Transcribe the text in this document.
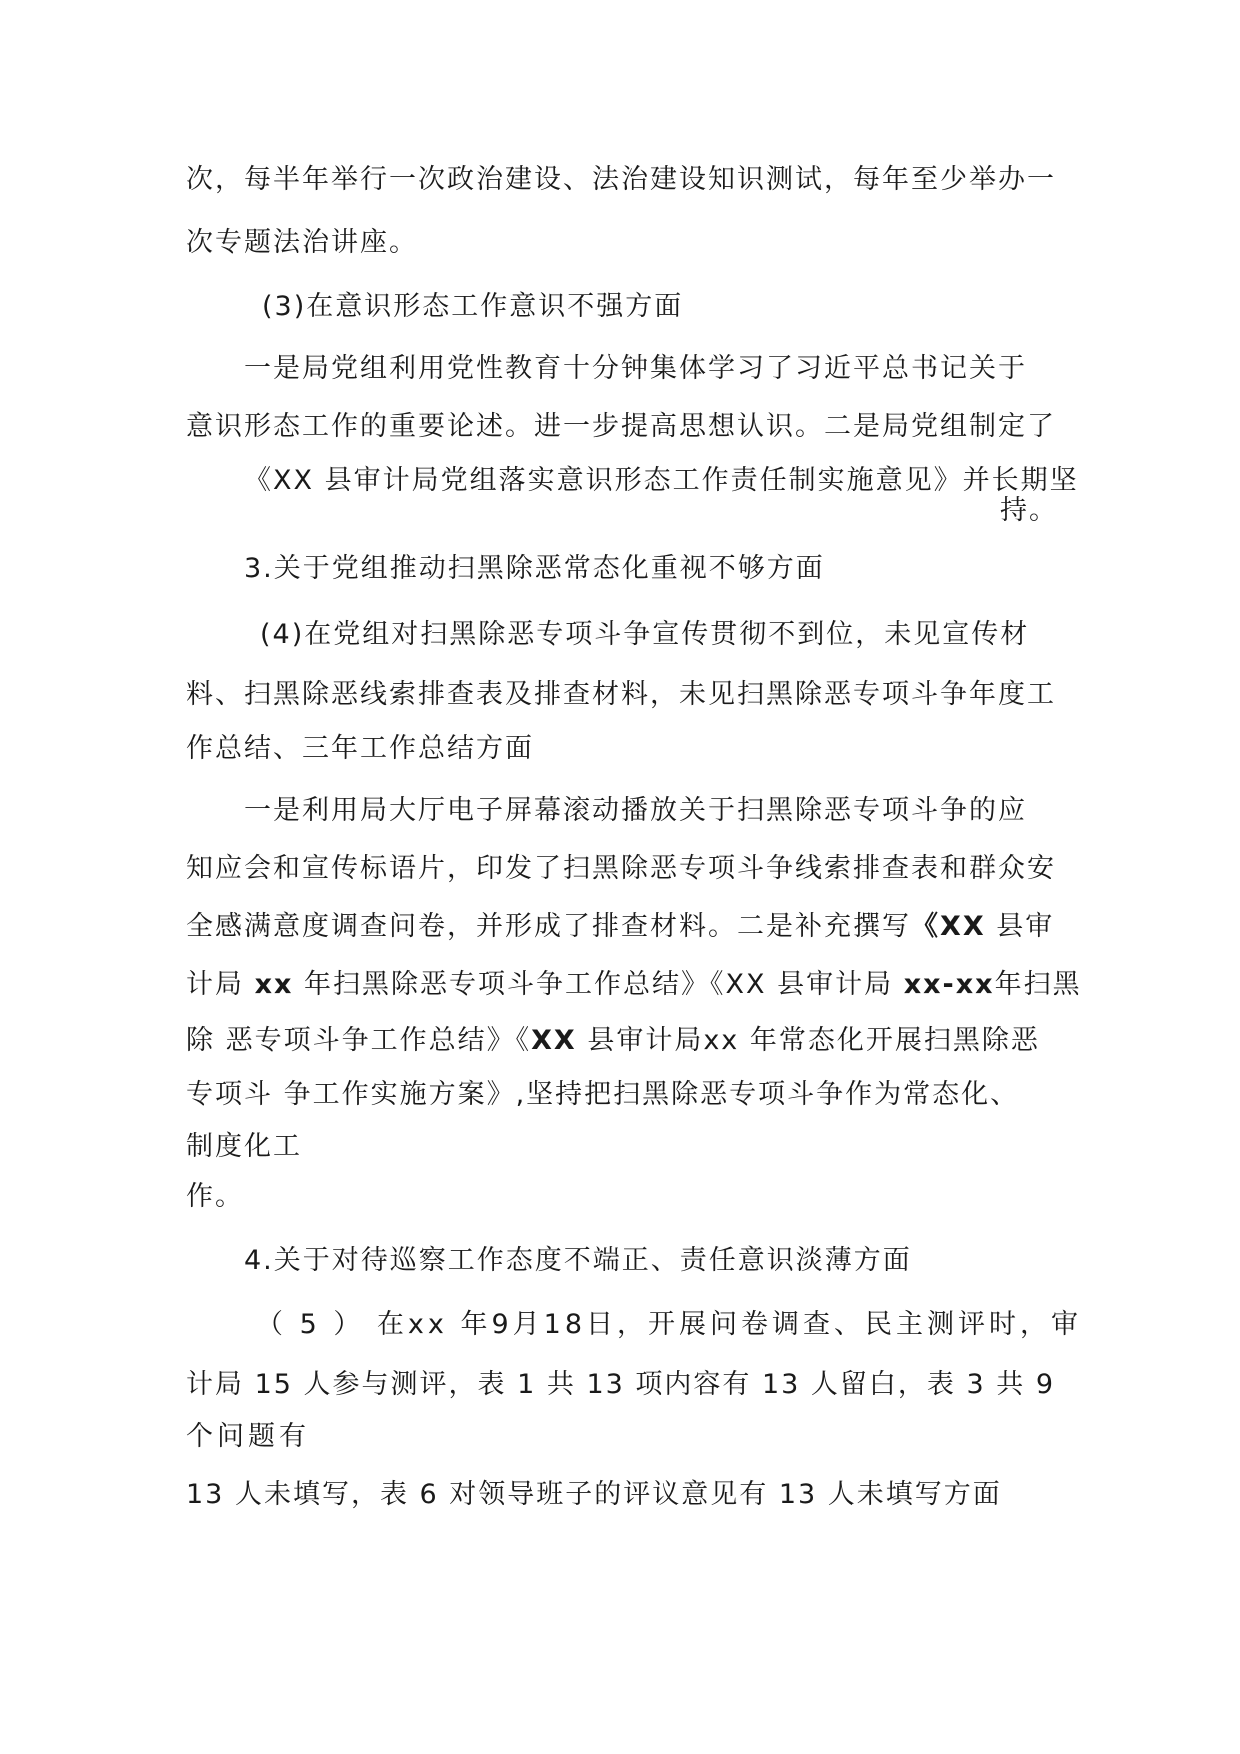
次，每半年举行一次政治建设、法治建设知识测试，每年至少举办一
次专题法治讲座。
(3)在意识形态工作意识不强方面
一是局党组利用党性教育十分钟集体学习了习近平总书记关于
意识形态工作的重要论述。进一步提高思想认识。二是局党组制定了
《XX 县审计局党组落实意识形态工作责任制实施意见》并长期坚
持。
3.关于党组推动扫黑除恶常态化重视不够方面
(4)在党组对扫黑除恶专项斗争宣传贯彻不到位，未见宣传材
料、扫黑除恶线索排查表及排查材料，未见扫黑除恶专项斗争年度工
作总结、三年工作总结方面
一是利用局大厅电子屏幕滚动播放关于扫黑除恶专项斗争的应
知应会和宣传标语片，印发了扫黑除恶专项斗争线索排查表和群众安
全感满意度调查问卷，并形成了排查材料。二是补充撰写《XX 县审
计局 xx 年扫黑除恶专项斗争工作总结》《XX 县审计局 xx-xx年扫黑
除 恶专项斗争工作总结》《XX 县审计局xx 年常态化开展扫黑除恶
专项斗 争工作实施方案》,坚持把扫黑除恶专项斗争作为常态化、
制度化工
作。
4.关于对待巡察工作态度不端正、责任意识淡薄方面
（ 5 ） 在xx 年9月18日，开展问卷调查、民主测评时，审
计局 15 人参与测评，表 1 共 13 项内容有 13 人留白，表 3 共 9
个问题有
13 人未填写，表 6 对领导班子的评议意见有 13 人未填写方面
